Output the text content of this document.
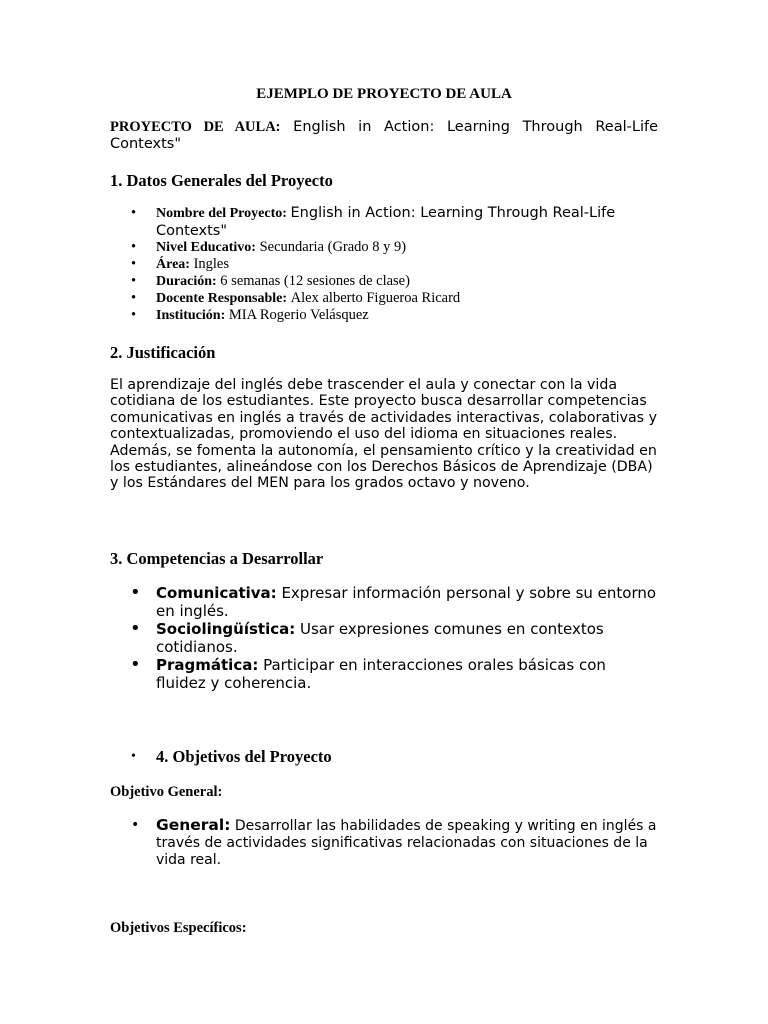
EJEMPLO DE PROYECTO DE AULA
PROYECTO DE AULA: English in Action: Learning Through Real-Life Contexts"
1. Datos Generales del Proyecto
• Nombre del Proyecto: English in Action: Learning Through Real-Life Contexts"
• Nivel Educativo: Secundaria (Grado 8 y 9)
• Área: Ingles
• Duración: 6 semanas (12 sesiones de clase)
• Docente Responsable: Alex alberto Figueroa Ricard
• Institución: MIA Rogerio Velásquez
2. Justificación
El aprendizaje del inglés debe trascender el aula y conectar con la vida cotidiana de los estudiantes. Este proyecto busca desarrollar competencias comunicativas en inglés a través de actividades interactivas, colaborativas y contextualizadas, promoviendo el uso del idioma en situaciones reales. Además, se fomenta la autonomía, el pensamiento crítico y la creatividad en los estudiantes, alineándose con los Derechos Básicos de Aprendizaje (DBA) y los Estándares del MEN para los grados octavo y noveno.
3. Competencias a Desarrollar
• Comunicativa: Expresar información personal y sobre su entorno en inglés.
• Sociolingüística: Usar expresiones comunes en contextos cotidianos.
• Pragmática: Participar en interacciones orales básicas con fluidez y coherencia.
• 4. Objetivos del Proyecto
Objetivo General:
• General: Desarrollar las habilidades de speaking y writing en inglés a través de actividades significativas relacionadas con situaciones de la vida real.
Objetivos Específicos:
